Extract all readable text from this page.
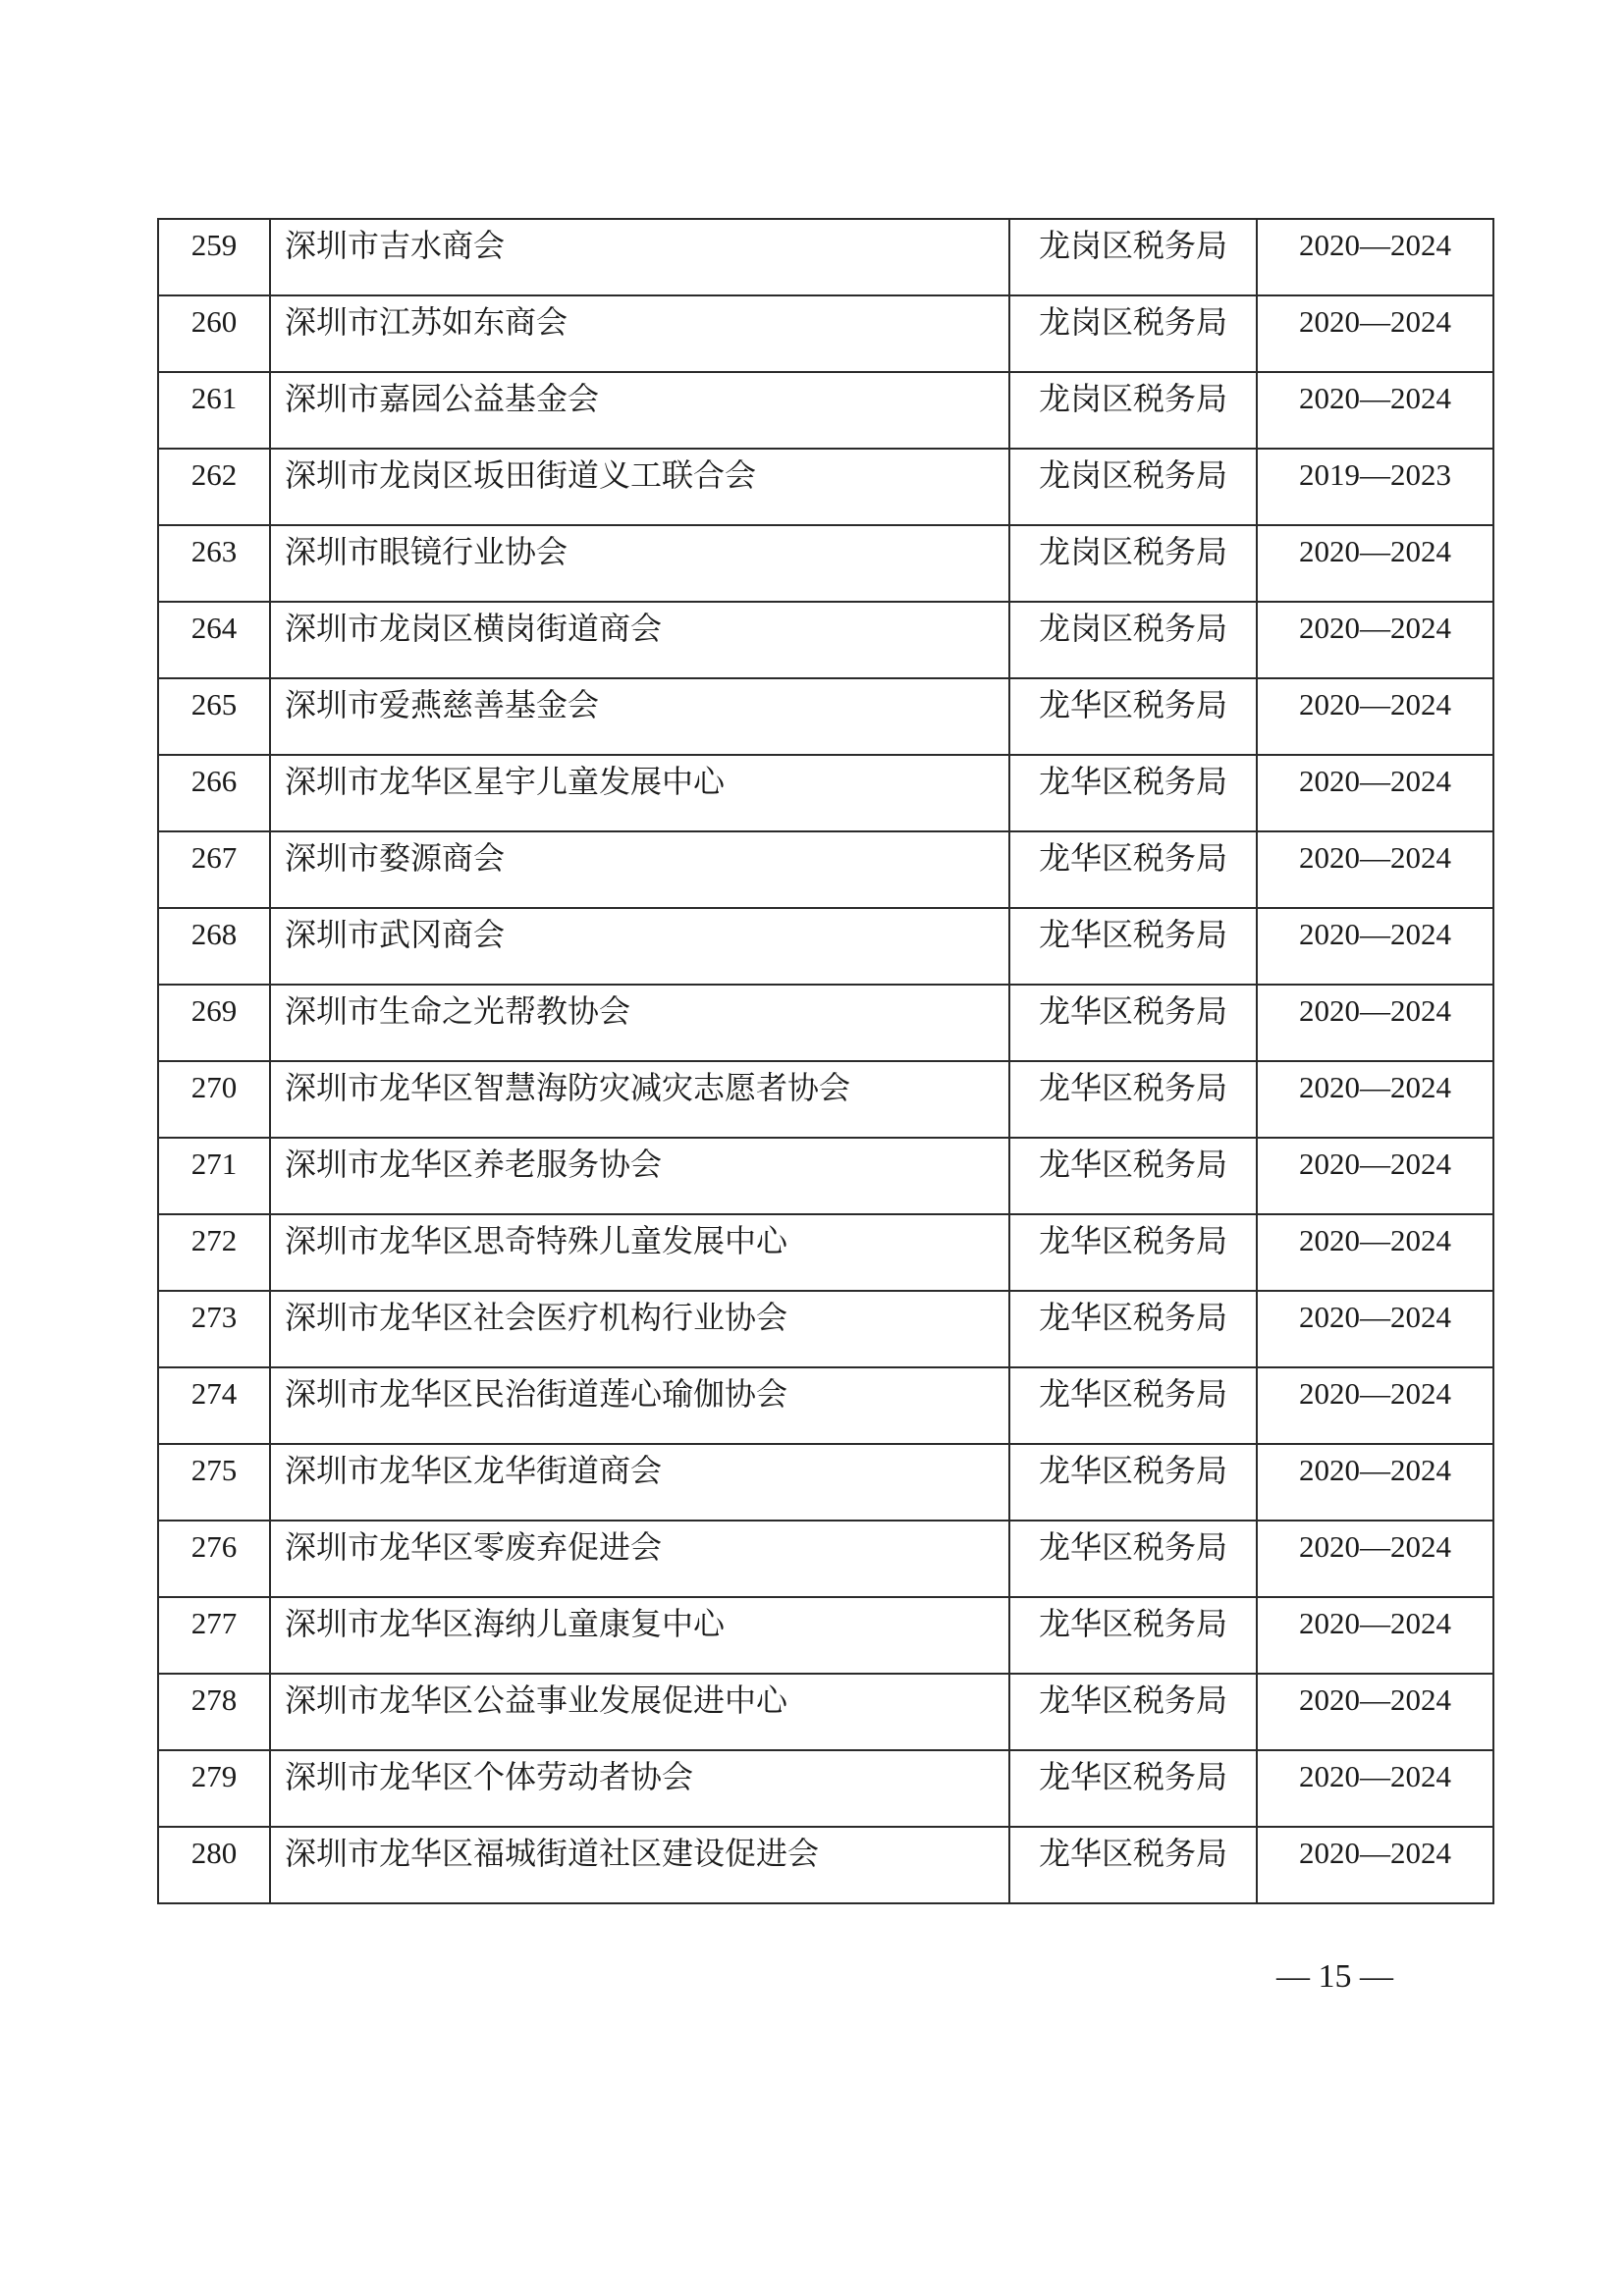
259	深圳市吉水商会	龙岗区税务局	2020—2024
260	深圳市江苏如东商会	龙岗区税务局	2020—2024
261	深圳市嘉园公益基金会	龙岗区税务局	2020—2024
262	深圳市龙岗区坂田街道义工联合会	龙岗区税务局	2019—2023
263	深圳市眼镜行业协会	龙岗区税务局	2020—2024
264	深圳市龙岗区横岗街道商会	龙岗区税务局	2020—2024
265	深圳市爱燕慈善基金会	龙华区税务局	2020—2024
266	深圳市龙华区星宇儿童发展中心	龙华区税务局	2020—2024
267	深圳市婺源商会	龙华区税务局	2020—2024
268	深圳市武冈商会	龙华区税务局	2020—2024
269	深圳市生命之光帮教协会	龙华区税务局	2020—2024
270	深圳市龙华区智慧海防灾减灾志愿者协会	龙华区税务局	2020—2024
271	深圳市龙华区养老服务协会	龙华区税务局	2020—2024
272	深圳市龙华区思奇特殊儿童发展中心	龙华区税务局	2020—2024
273	深圳市龙华区社会医疗机构行业协会	龙华区税务局	2020—2024
274	深圳市龙华区民治街道莲心瑜伽协会	龙华区税务局	2020—2024
275	深圳市龙华区龙华街道商会	龙华区税务局	2020—2024
276	深圳市龙华区零废弃促进会	龙华区税务局	2020—2024
277	深圳市龙华区海纳儿童康复中心	龙华区税务局	2020—2024
278	深圳市龙华区公益事业发展促进中心	龙华区税务局	2020—2024
279	深圳市龙华区个体劳动者协会	龙华区税务局	2020—2024
280	深圳市龙华区福城街道社区建设促进会	龙华区税务局	2020—2024
— 15 —
